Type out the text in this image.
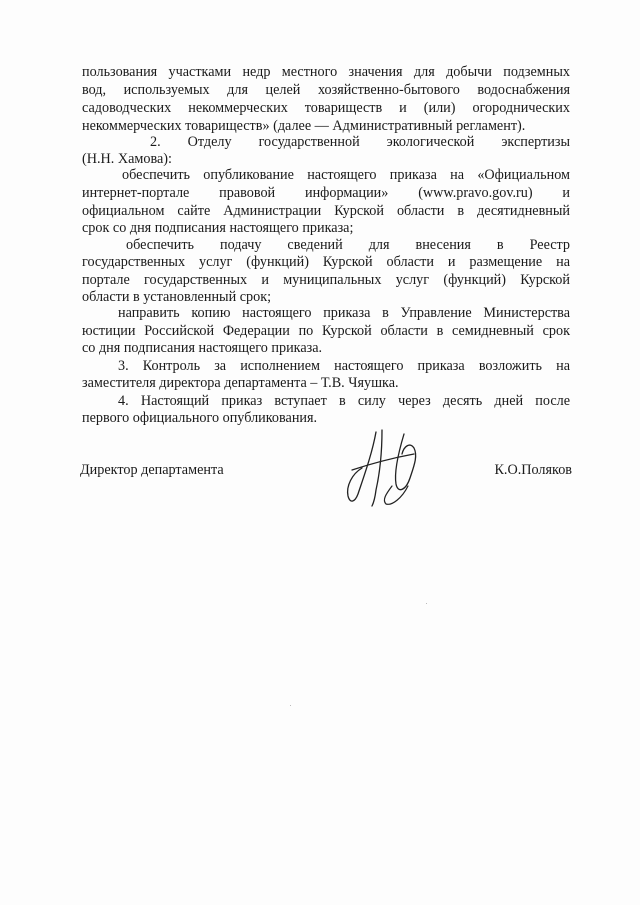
пользования участками недр местного значения для добычи подземных
вод, используемых для целей хозяйственно-бытового водоснабжения
садоводческих некоммерческих товариществ и (или) огороднических
некоммерческих товариществ» (далее — Административный регламент).
2. Отделу государственной экологической экспертизы
(Н.Н. Хамова):
обеспечить опубликование настоящего приказа на «Официальном
интернет-портале правовой информации» (www.pravo.gov.ru) и
официальном сайте Администрации Курской области в десятидневный
срок со дня подписания настоящего приказа;
обеспечить подачу сведений для внесения в Реестр
государственных услуг (функций) Курской области и размещение на
портале государственных и муниципальных услуг (функций) Курской
области в установленный срок;
направить копию настоящего приказа в Управление Министерства
юстиции Российской Федерации по Курской области в семидневный срок
со дня подписания настоящего приказа.
3. Контроль за исполнением настоящего приказа возложить на
заместителя директора департамента – Т.В. Чяушка.
4. Настоящий приказ вступает в силу через десять дней после
первого официального опубликования.
Директор департамента	К.О.Поляков
